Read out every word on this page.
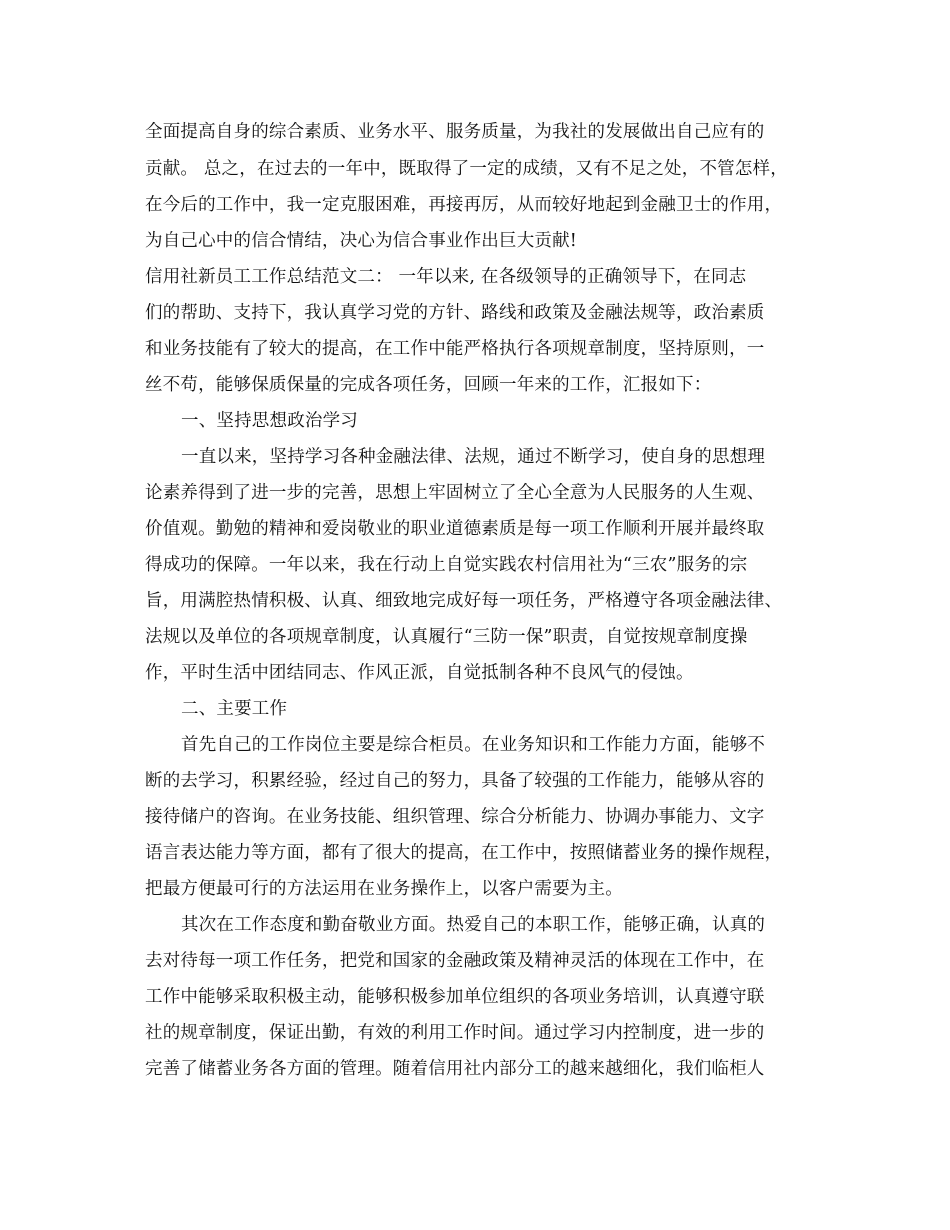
全面提高自身的综合素质、业务水平、服务质量，为我社的发展做出自己应有的
贡献。 总之，在过去的一年中，既取得了一定的成绩，又有不足之处，不管怎样，
在今后的工作中，我一定克服困难，再接再厉，从而较好地起到金融卫士的作用，
为自己心中的信合情结，决心为信合事业作出巨大贡献!
信用社新员工工作总结范文二： 一年以来, 在各级领导的正确领导下，在同志
们的帮助、支持下，我认真学习党的方针、路线和政策及金融法规等，政治素质
和业务技能有了较大的提高，在工作中能严格执行各项规章制度，坚持原则，一
丝不苟，能够保质保量的完成各项任务，回顾一年来的工作，汇报如下：
一、坚持思想政治学习
一直以来，坚持学习各种金融法律、法规，通过不断学习，使自身的思想理
论素养得到了进一步的完善，思想上牢固树立了全心全意为人民服务的人生观、
价值观。勤勉的精神和爱岗敬业的职业道德素质是每一项工作顺利开展并最终取
得成功的保障。一年以来，我在行动上自觉实践农村信用社为“三农”服务的宗
旨，用满腔热情积极、认真、细致地完成好每一项任务，严格遵守各项金融法律、
法规以及单位的各项规章制度，认真履行“三防一保”职责，自觉按规章制度操
作，平时生活中团结同志、作风正派，自觉抵制各种不良风气的侵蚀。
二、主要工作
首先自己的工作岗位主要是综合柜员。在业务知识和工作能力方面，能够不
断的去学习，积累经验，经过自己的努力，具备了较强的工作能力，能够从容的
接待储户的咨询。在业务技能、组织管理、综合分析能力、协调办事能力、文字
语言表达能力等方面，都有了很大的提高，在工作中，按照储蓄业务的操作规程，
把最方便最可行的方法运用在业务操作上，以客户需要为主。
其次在工作态度和勤奋敬业方面。热爱自己的本职工作，能够正确，认真的
去对待每一项工作任务，把党和国家的金融政策及精神灵活的体现在工作中，在
工作中能够采取积极主动，能够积极参加单位组织的各项业务培训，认真遵守联
社的规章制度，保证出勤，有效的利用工作时间。通过学习内控制度，进一步的
完善了储蓄业务各方面的管理。随着信用社内部分工的越来越细化，我们临柜人
